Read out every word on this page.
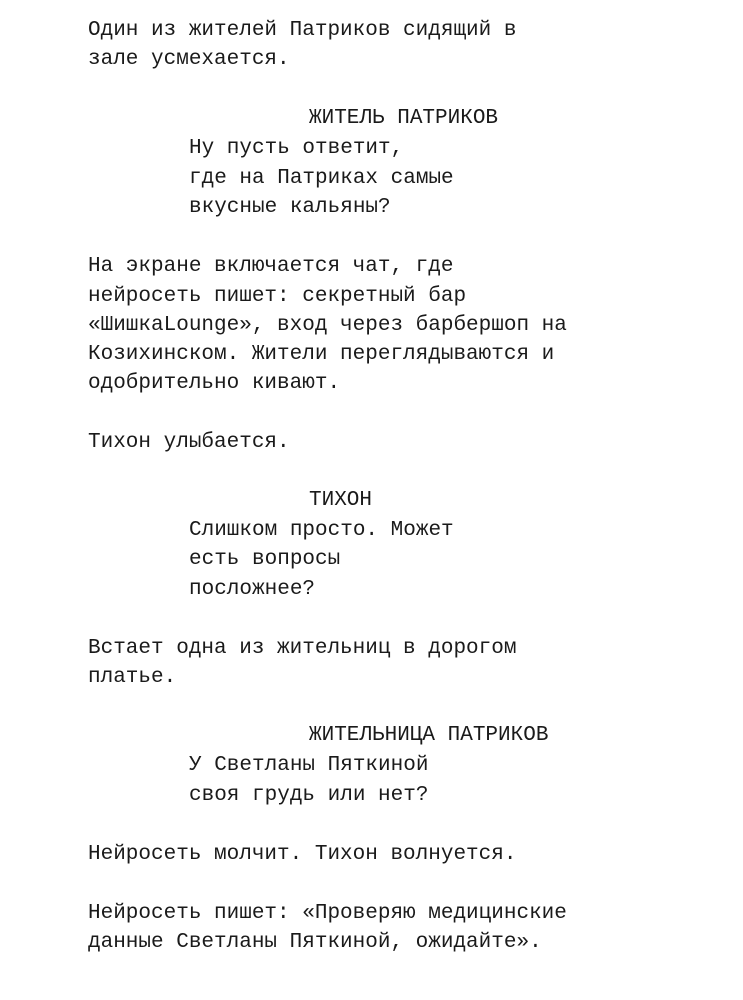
Один из жителей Патриков сидящий в
зале усмехается.
ЖИТЕЛЬ ПАТРИКОВ
Ну пусть ответит,
где на Патриках самые
вкусные кальяны?
На экране включается чат, где
нейросеть пишет: секретный бар
«ШишкаLounge», вход через барбершоп на
Козихинском. Жители переглядываются и
одобрительно кивают.
Тихон улыбается.
ТИХОН
Слишком просто. Может
есть вопросы
посложнее?
Встает одна из жительниц в дорогом
платье.
ЖИТЕЛЬНИЦА ПАТРИКОВ
У Светланы Пяткиной
своя грудь или нет?
Нейросеть молчит. Тихон волнуется.
Нейросеть пишет: «Проверяю медицинские
данные Светланы Пяткиной, ожидайте».
